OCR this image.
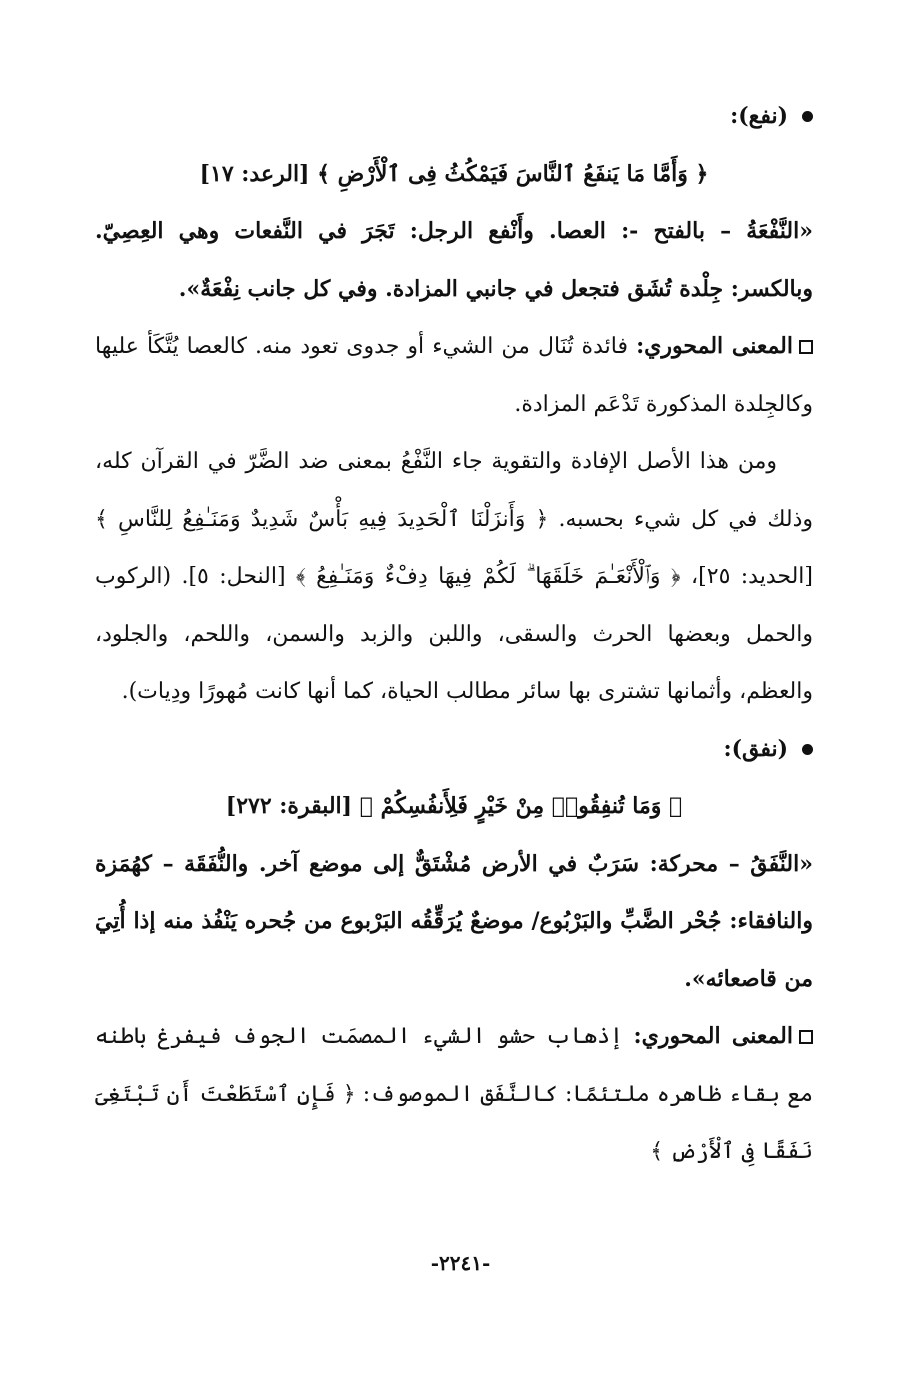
(نفع):
﴿ وَأَمَّا مَا يَنفَعُ ٱلنَّاسَ فَيَمْكُثُ فِى ٱلْأَرْضِ ﴾ [الرعد: ١٧]

«النَّفْعَةُ – بالفتح -: العصا. وأَنْفع الرجل: تَجَرَ في النَّفعات وهي العِصِيّ. وبالكسر: جِلْدة تُشَق فتجعل في جانبي المزادة. وفي كل جانب نِفْعَةٌ».

المعنى المحوري: فائدة تُنَال من الشيء أو جدوى تعود منه. كالعصا يُتَّكَأ عليها وكالجِلدة المذكورة تَدْعَم المزادة.

ومن هذا الأصل الإفادة والتقوية جاء النَّفْعُ بمعنى ضد الضَّرّ في القرآن كله، وذلك في كل شيء بحسبه. ﴿ وَأَنزَلْنَا ٱلْحَدِيدَ فِيهِ بَأْسٌ شَدِيدٌ وَمَنَـٰفِعُ لِلنَّاسِ ﴾ [الحديد: ٢٥]، ﴿ وَٱلْأَنْعَـٰمَ خَلَقَهَا ۗ لَكُمْ فِيهَا دِفْءٌ وَمَنَـٰفِعُ ﴾ [النحل: ٥]. (الركوب والحمل وبعضها الحرث والسقى، واللبن والزبد والسمن، واللحم، والجلود، والعظم، وأثمانها تشترى بها سائر مطالب الحياة، كما أنها كانت مُهورًا ودِيات).

(نفق):
﴿ وَمَا تُنفِقُوا۟ مِنْ خَيْرٍ فَلِأَنفُسِكُمْ ﴾ [البقرة: ٢٧٢]

«النَّفَقُ – محركة: سَرَبٌ في الأرض مُشْتَقٌّ إلى موضع آخر. والنُّفَقَة – كهُمَزة والنافقاء: جُحْر الضَّبِّ والبَرْبُوع/ موضعٌ يُرَقِّقُه البَرْبوع من جُحره يَنْفُذ منه إذا أُتِيَ من قاصعائه».

المعنى المحوري: إذهاب حشو الشيء المصمَت الجوف فيفرغ باطنه مع بقاء ظاهره ملتئمًا: كالنَّفَق الموصوف: ﴿ فَإِنِ ٱسْتَطَعْتَ أَن تَبْتَغِىَ نَفَقًا فِى ٱلْأَرْضِ ﴾

-٢٢٤١-
